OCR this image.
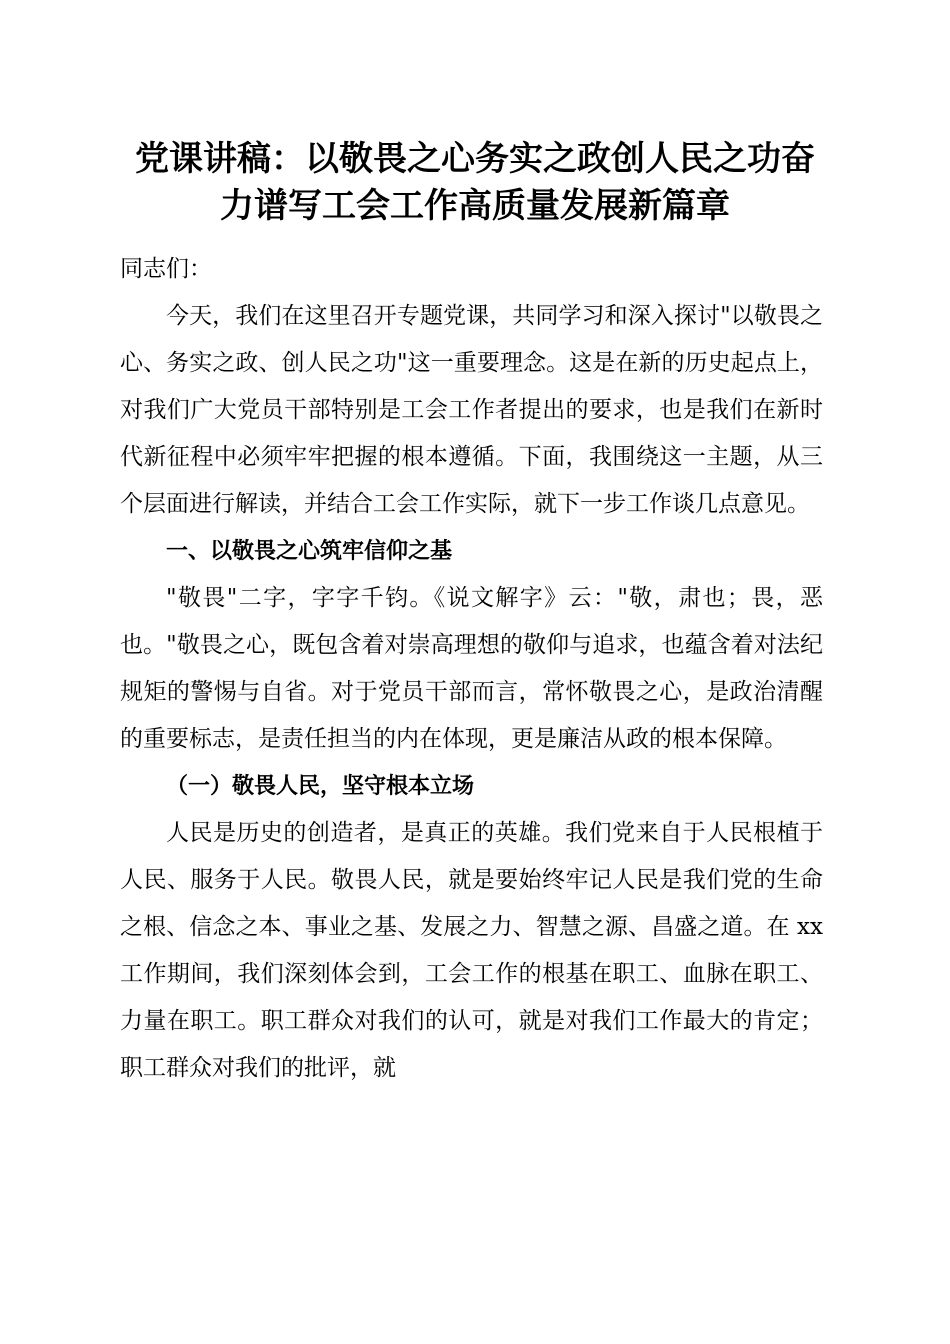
党课讲稿：以敬畏之心务实之政创人民之功奋
力谱写工会工作高质量发展新篇章

同志们：

今天，我们在这里召开专题党课，共同学习和深入探讨"以敬畏之心、务实之政、创人民之功"这一重要理念。这是在新的历史起点上，对我们广大党员干部特别是工会工作者提出的要求，也是我们在新时代新征程中必须牢牢把握的根本遵循。下面，我围绕这一主题，从三个层面进行解读，并结合工会工作实际，就下一步工作谈几点意见。

一、以敬畏之心筑牢信仰之基

"敬畏"二字，字字千钧。《说文解字》云："敬，肃也；畏，恶也。"敬畏之心，既包含着对崇高理想的敬仰与追求，也蕴含着对法纪规矩的警惕与自省。对于党员干部而言，常怀敬畏之心，是政治清醒的重要标志，是责任担当的内在体现，更是廉洁从政的根本保障。

（一）敬畏人民，坚守根本立场

人民是历史的创造者，是真正的英雄。我们党来自于人民根植于人民、服务于人民。敬畏人民，就是要始终牢记人民是我们党的生命之根、信念之本、事业之基、发展之力、智慧之源、昌盛之道。在 xx 工作期间，我们深刻体会到，工会工作的根基在职工、血脉在职工、力量在职工。职工群众对我们的认可，就是对我们工作最大的肯定；职工群众对我们的批评，就
